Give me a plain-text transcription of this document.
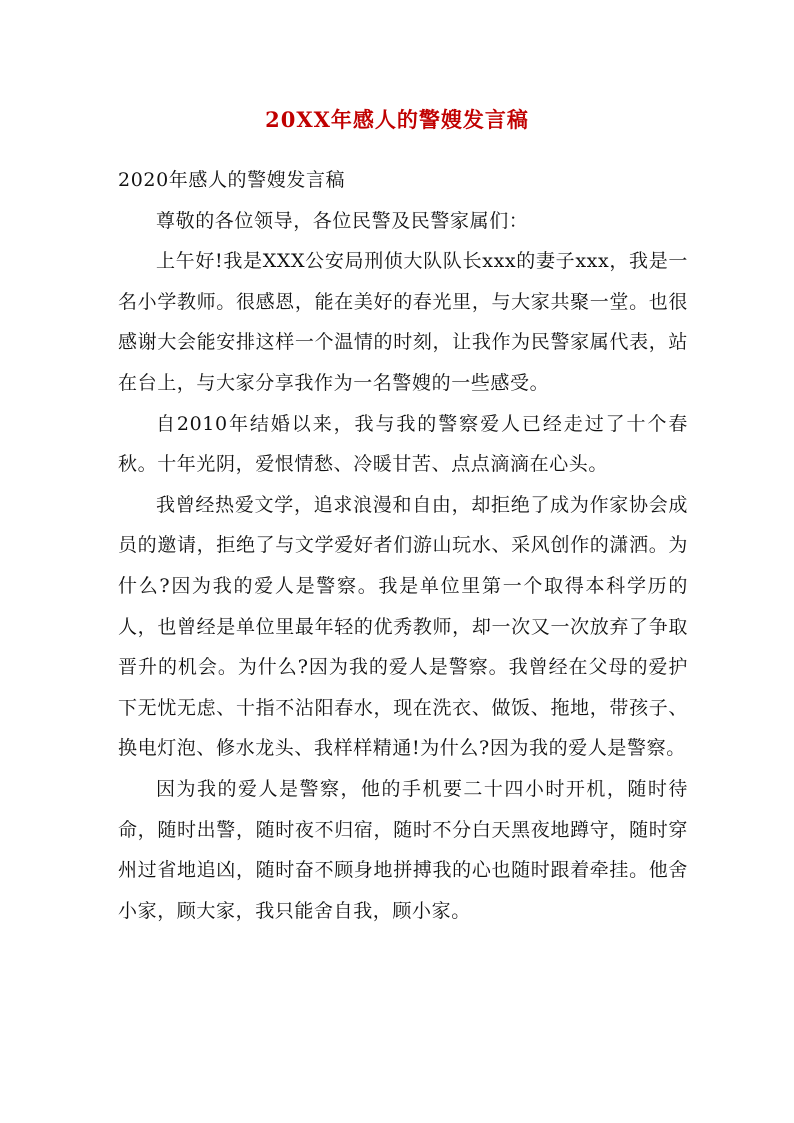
20XX年感人的警嫂发言稿

2020年感人的警嫂发言稿

尊敬的各位领导，各位民警及民警家属们：

上午好!我是XXX公安局刑侦大队队长xxx的妻子xxx，我是一名小学教师。很感恩，能在美好的春光里，与大家共聚一堂。也很感谢大会能安排这样一个温情的时刻，让我作为民警家属代表，站在台上，与大家分享我作为一名警嫂的一些感受。

自2010年结婚以来，我与我的警察爱人已经走过了十个春秋。十年光阴，爱恨情愁、冷暖甘苦、点点滴滴在心头。

我曾经热爱文学，追求浪漫和自由，却拒绝了成为作家协会成员的邀请，拒绝了与文学爱好者们游山玩水、采风创作的潇洒。为什么?因为我的爱人是警察。我是单位里第一个取得本科学历的人，也曾经是单位里最年轻的优秀教师，却一次又一次放弃了争取晋升的机会。为什么?因为我的爱人是警察。我曾经在父母的爱护下无忧无虑、十指不沾阳春水，现在洗衣、做饭、拖地，带孩子、换电灯泡、修水龙头、我样样精通!为什么?因为我的爱人是警察。

因为我的爱人是警察，他的手机要二十四小时开机，随时待命，随时出警，随时夜不归宿，随时不分白天黑夜地蹲守，随时穿州过省地追凶，随时奋不顾身地拼搏我的心也随时跟着牵挂。他舍小家，顾大家，我只能舍自我，顾小家。
